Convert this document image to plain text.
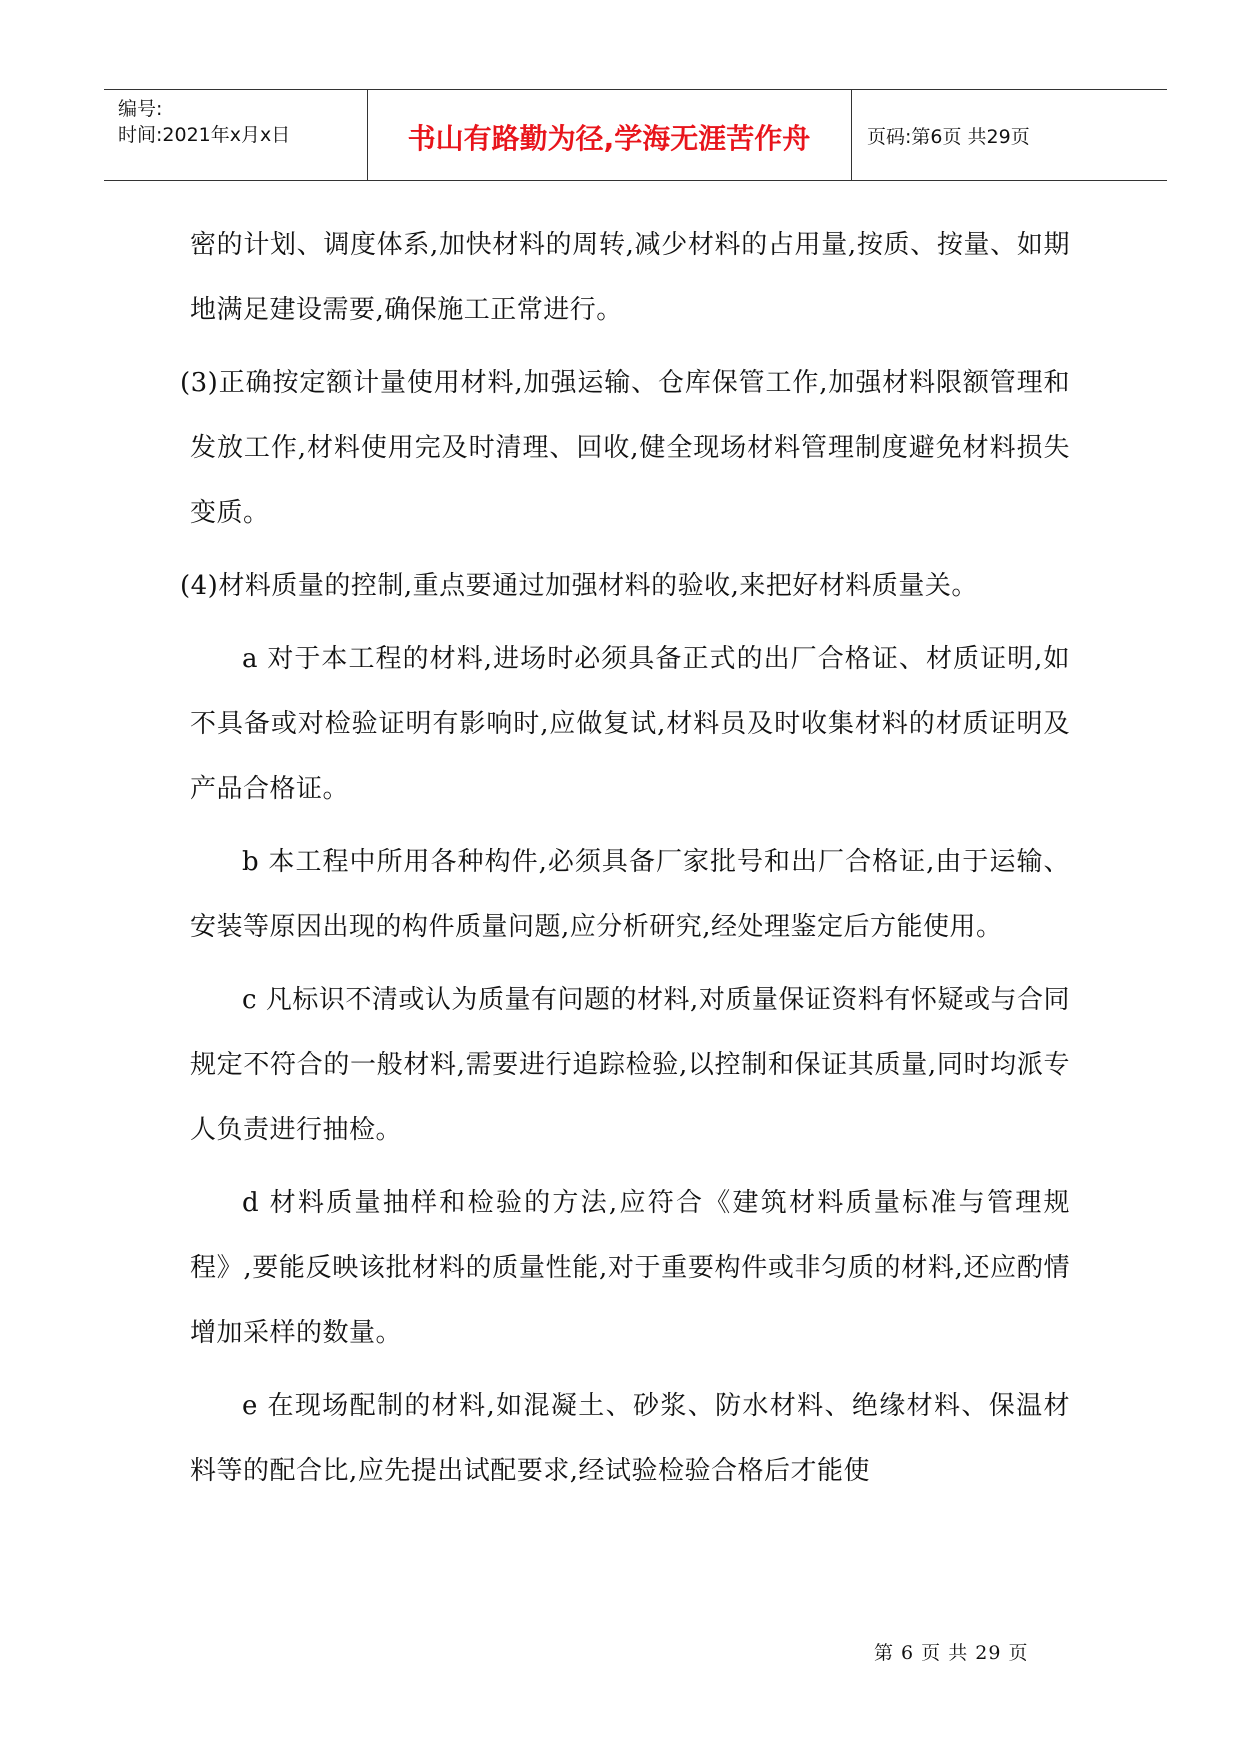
编号:
时间:2021年x月x日	书山有路勤为径,学海无涯苦作舟	页码:第6页 共29页

密的计划、调度体系,加快材料的周转,减少材料的占用量,按质、按量、如期地满足建设需要,确保施工正常进行。

(3)正确按定额计量使用材料,加强运输、仓库保管工作,加强材料限额管理和发放工作,材料使用完及时清理、回收,健全现场材料管理制度避免材料损失变质。

(4)材料质量的控制,重点要通过加强材料的验收,来把好材料质量关。

a 对于本工程的材料,进场时必须具备正式的出厂合格证、材质证明,如不具备或对检验证明有影响时,应做复试,材料员及时收集材料的材质证明及产品合格证。

b 本工程中所用各种构件,必须具备厂家批号和出厂合格证,由于运输、安装等原因出现的构件质量问题,应分析研究,经处理鉴定后方能使用。

c 凡标识不清或认为质量有问题的材料,对质量保证资料有怀疑或与合同规定不符合的一般材料,需要进行追踪检验,以控制和保证其质量,同时均派专人负责进行抽检。

d 材料质量抽样和检验的方法,应符合《建筑材料质量标准与管理规程》,要能反映该批材料的质量性能,对于重要构件或非匀质的材料,还应酌情增加采样的数量。

e 在现场配制的材料,如混凝土、砂浆、防水材料、绝缘材料、保温材料等的配合比,应先提出试配要求,经试验检验合格后才能使

第 6 页 共 29 页
